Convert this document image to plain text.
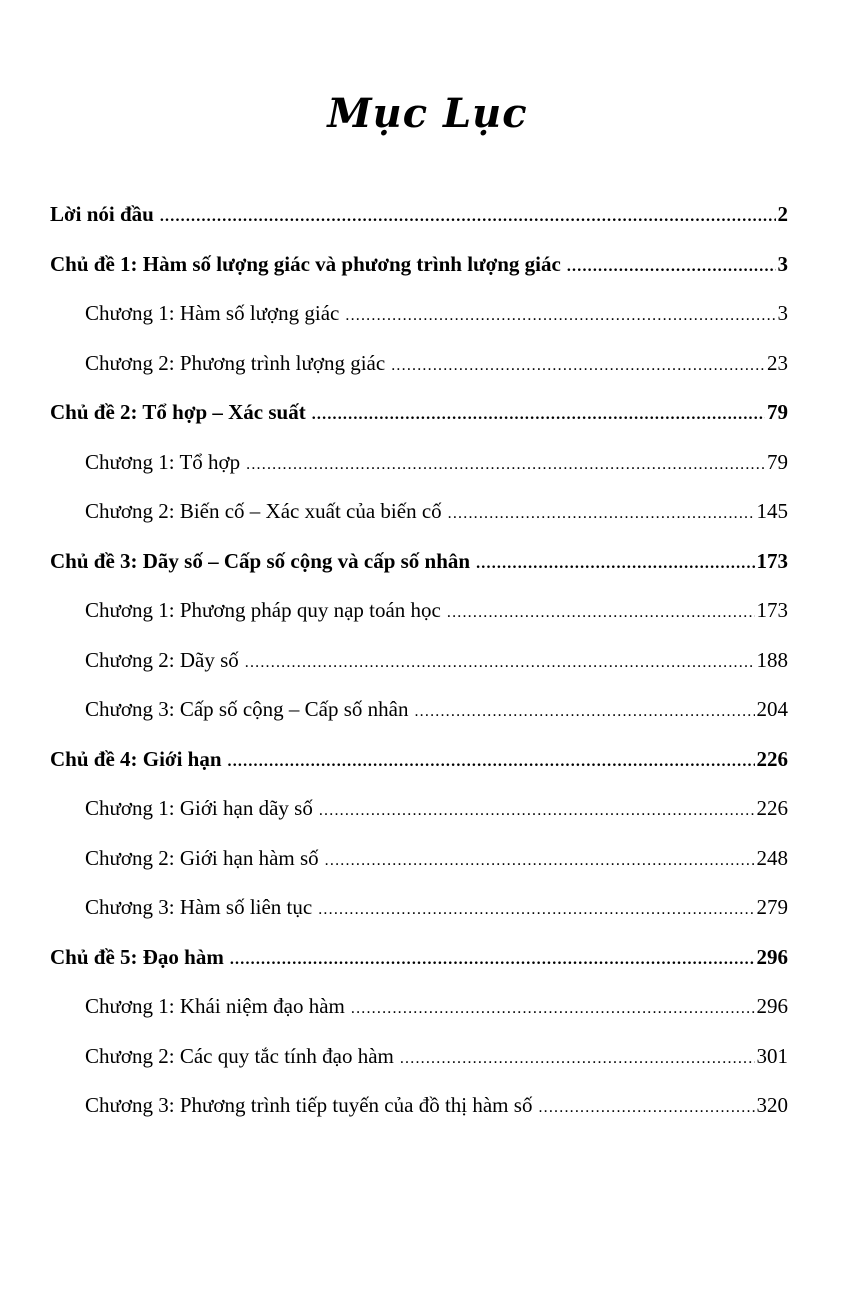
Mục Lục
Lời nói đầu .....	2
Chủ đề 1: Hàm số lượng giác và phương trình lượng giác .....	3
Chương 1: Hàm số lượng giác .....	3
Chương 2: Phương trình lượng giác .....	23
Chủ đề 2: Tổ hợp – Xác suất .....	79
Chương 1: Tổ hợp .....	79
Chương 2: Biến cố – Xác xuất của biến cố .....	145
Chủ đề 3: Dãy số – Cấp số cộng và cấp số nhân .....	173
Chương 1: Phương pháp quy nạp toán học .....	173
Chương 2: Dãy số .....	188
Chương 3: Cấp số cộng – Cấp số nhân .....	204
Chủ đề 4: Giới hạn .....	226
Chương 1: Giới hạn dãy số .....	226
Chương 2: Giới hạn hàm số .....	248
Chương 3: Hàm số liên tục .....	279
Chủ đề 5: Đạo hàm .....	296
Chương 1: Khái niệm đạo hàm .....	296
Chương 2: Các quy tắc tính đạo hàm .....	301
Chương 3: Phương trình tiếp tuyến của đồ thị hàm số .....	320
